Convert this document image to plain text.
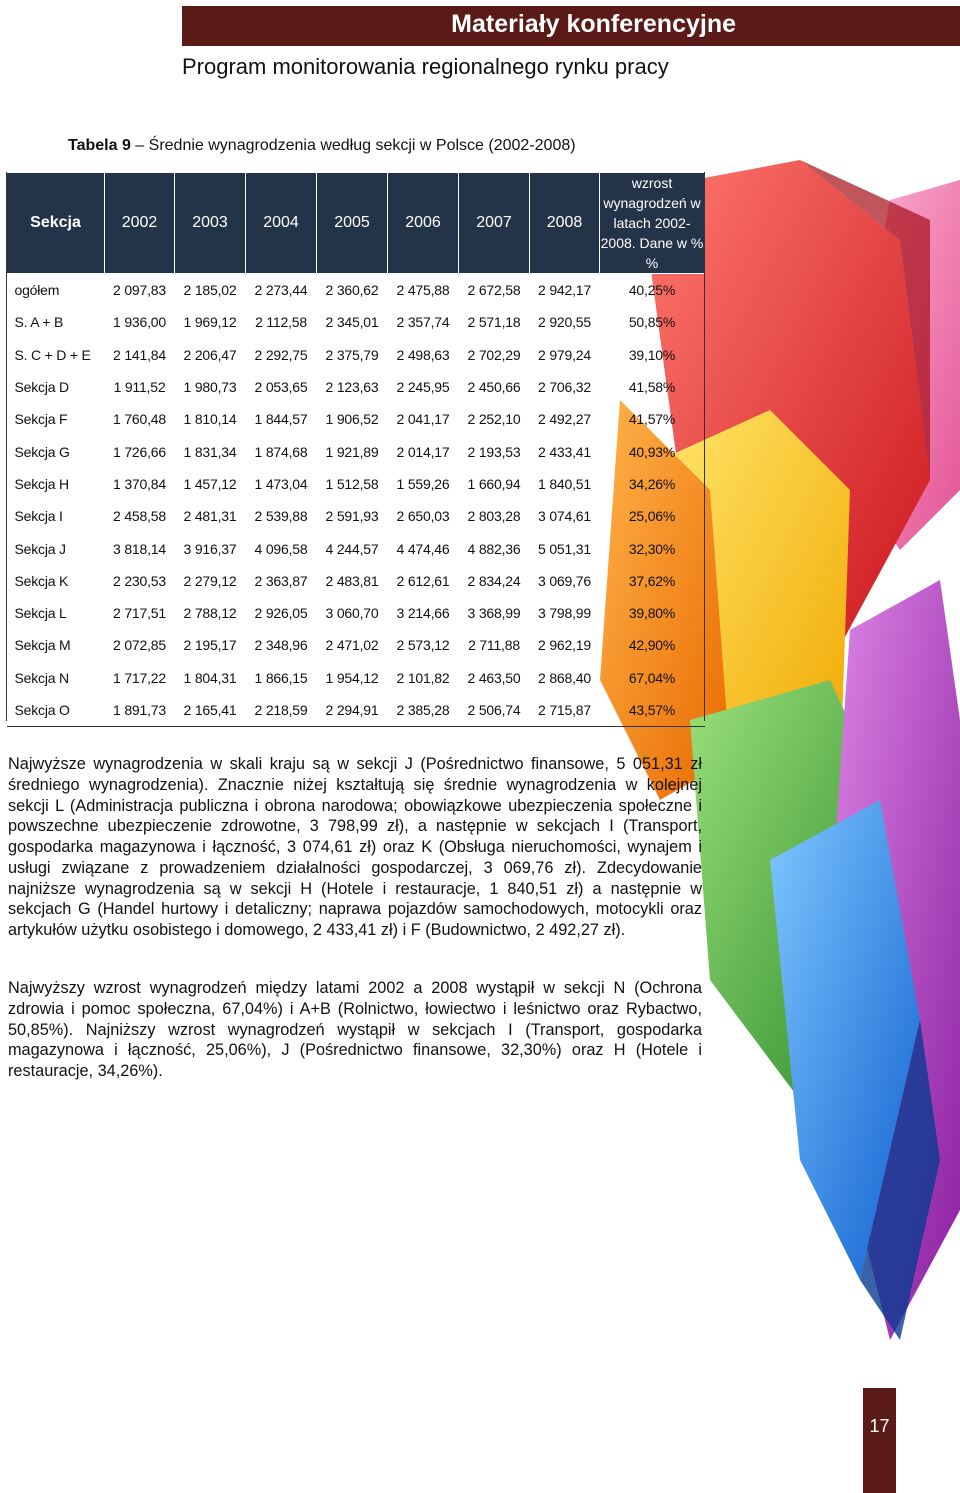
Materiały konferencyjne
Program monitorowania regionalnego rynku pracy
Tabela 9 – Średnie wynagrodzenia według sekcji w Polsce (2002-2008)
Sekcja	2002	2003	2004	2005	2006	2007	2008	wzrost wynagrodzeń w latach 2002-2008. Dane w % %
ogółem	2 097,83	2 185,02	2 273,44	2 360,62	2 475,88	2 672,58	2 942,17	40,25%
S. A + B	1 936,00	1 969,12	2 112,58	2 345,01	2 357,74	2 571,18	2 920,55	50,85%
S. C + D + E	2 141,84	2 206,47	2 292,75	2 375,79	2 498,63	2 702,29	2 979,24	39,10%
Sekcja D	1 911,52	1 980,73	2 053,65	2 123,63	2 245,95	2 450,66	2 706,32	41,58%
Sekcja F	1 760,48	1 810,14	1 844,57	1 906,52	2 041,17	2 252,10	2 492,27	41,57%
Sekcja G	1 726,66	1 831,34	1 874,68	1 921,89	2 014,17	2 193,53	2 433,41	40,93%
Sekcja H	1 370,84	1 457,12	1 473,04	1 512,58	1 559,26	1 660,94	1 840,51	34,26%
Sekcja I	2 458,58	2 481,31	2 539,88	2 591,93	2 650,03	2 803,28	3 074,61	25,06%
Sekcja J	3 818,14	3 916,37	4 096,58	4 244,57	4 474,46	4 882,36	5 051,31	32,30%
Sekcja K	2 230,53	2 279,12	2 363,87	2 483,81	2 612,61	2 834,24	3 069,76	37,62%
Sekcja L	2 717,51	2 788,12	2 926,05	3 060,70	3 214,66	3 368,99	3 798,99	39,80%
Sekcja M	2 072,85	2 195,17	2 348,96	2 471,02	2 573,12	2 711,88	2 962,19	42,90%
Sekcja N	1 717,22	1 804,31	1 866,15	1 954,12	2 101,82	2 463,50	2 868,40	67,04%
Sekcja O	1 891,73	2 165,41	2 218,59	2 294,91	2 385,28	2 506,74	2 715,87	43,57%

Najwyższe wynagrodzenia w skali kraju są w sekcji J (Pośrednictwo finansowe, 5 051,31 zł średniego wynagrodzenia). Znacznie niżej kształtują się średnie wynagrodzenia w kolejnej sekcji L (Administracja publiczna i obrona narodowa; obowiązkowe ubezpieczenia społeczne i powszechne ubezpieczenie zdrowotne, 3 798,99 zł), a następnie w sekcjach I (Transport, gospodarka magazynowa i łączność, 3 074,61 zł) oraz K (Obsługa nieruchomości, wynajem i usługi związane z prowadzeniem działalności gospodarczej, 3 069,76 zł). Zdecydowanie najniższe wynagrodzenia są w sekcji H (Hotele i restauracje, 1 840,51 zł) a następnie w sekcjach G (Handel hurtowy i detaliczny; naprawa pojazdów samochodowych, motocykli oraz artykułów użytku osobistego i domowego, 2 433,41 zł) i F (Budownictwo, 2 492,27 zł).

Najwyższy wzrost wynagrodzeń między latami 2002 a 2008 wystąpił w sekcji N (Ochrona zdrowia i pomoc społeczna, 67,04%) i A+B (Rolnictwo, łowiectwo i leśnictwo oraz Rybactwo, 50,85%). Najniższy wzrost wynagrodzeń wystąpił w sekcjach I (Transport, gospodarka magazynowa i łączność, 25,06%), J (Pośrednictwo finansowe, 32,30%) oraz H (Hotele i restauracje, 34,26%).

17
